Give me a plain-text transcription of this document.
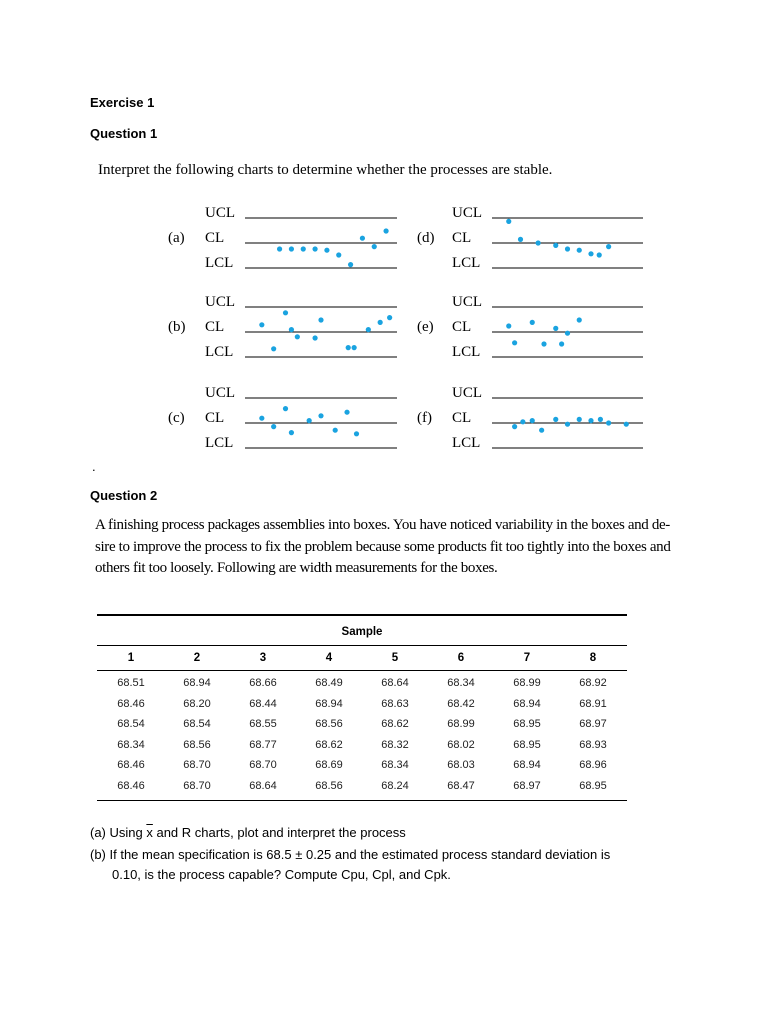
Exercise 1
Question 1
Interpret the following charts to determine whether the processes are stable.
(a)
UCL
CL
LCL
(b)
UCL
CL
LCL
(c)
UCL
CL
LCL
(d)
UCL
CL
LCL
(e)
UCL
CL
LCL
(f)
UCL
CL
LCL
.
Question 2
A finishing process packages assemblies into boxes. You have noticed variability in the boxes and de-
sire to improve the process to fix the problem because some products fit too tightly into the boxes and
others fit too loosely. Following are width measurements for the boxes.
Sample
1	2	3	4	5	6	7	8
68.51	68.94	68.66	68.49	68.64	68.34	68.99	68.92
68.46	68.20	68.44	68.94	68.63	68.42	68.94	68.91
68.54	68.54	68.55	68.56	68.62	68.99	68.95	68.97
68.34	68.56	68.77	68.62	68.32	68.02	68.95	68.93
68.46	68.70	68.70	68.69	68.34	68.03	68.94	68.96
68.46	68.70	68.64	68.56	68.24	68.47	68.97	68.95
(a) Using $\overline{x}$ and R charts, plot and interpret the process
(b) If the mean specification is 68.5 ± 0.25 and the estimated process standard deviation is
0.10, is the process capable? Compute Cpu, Cpl, and Cpk.
